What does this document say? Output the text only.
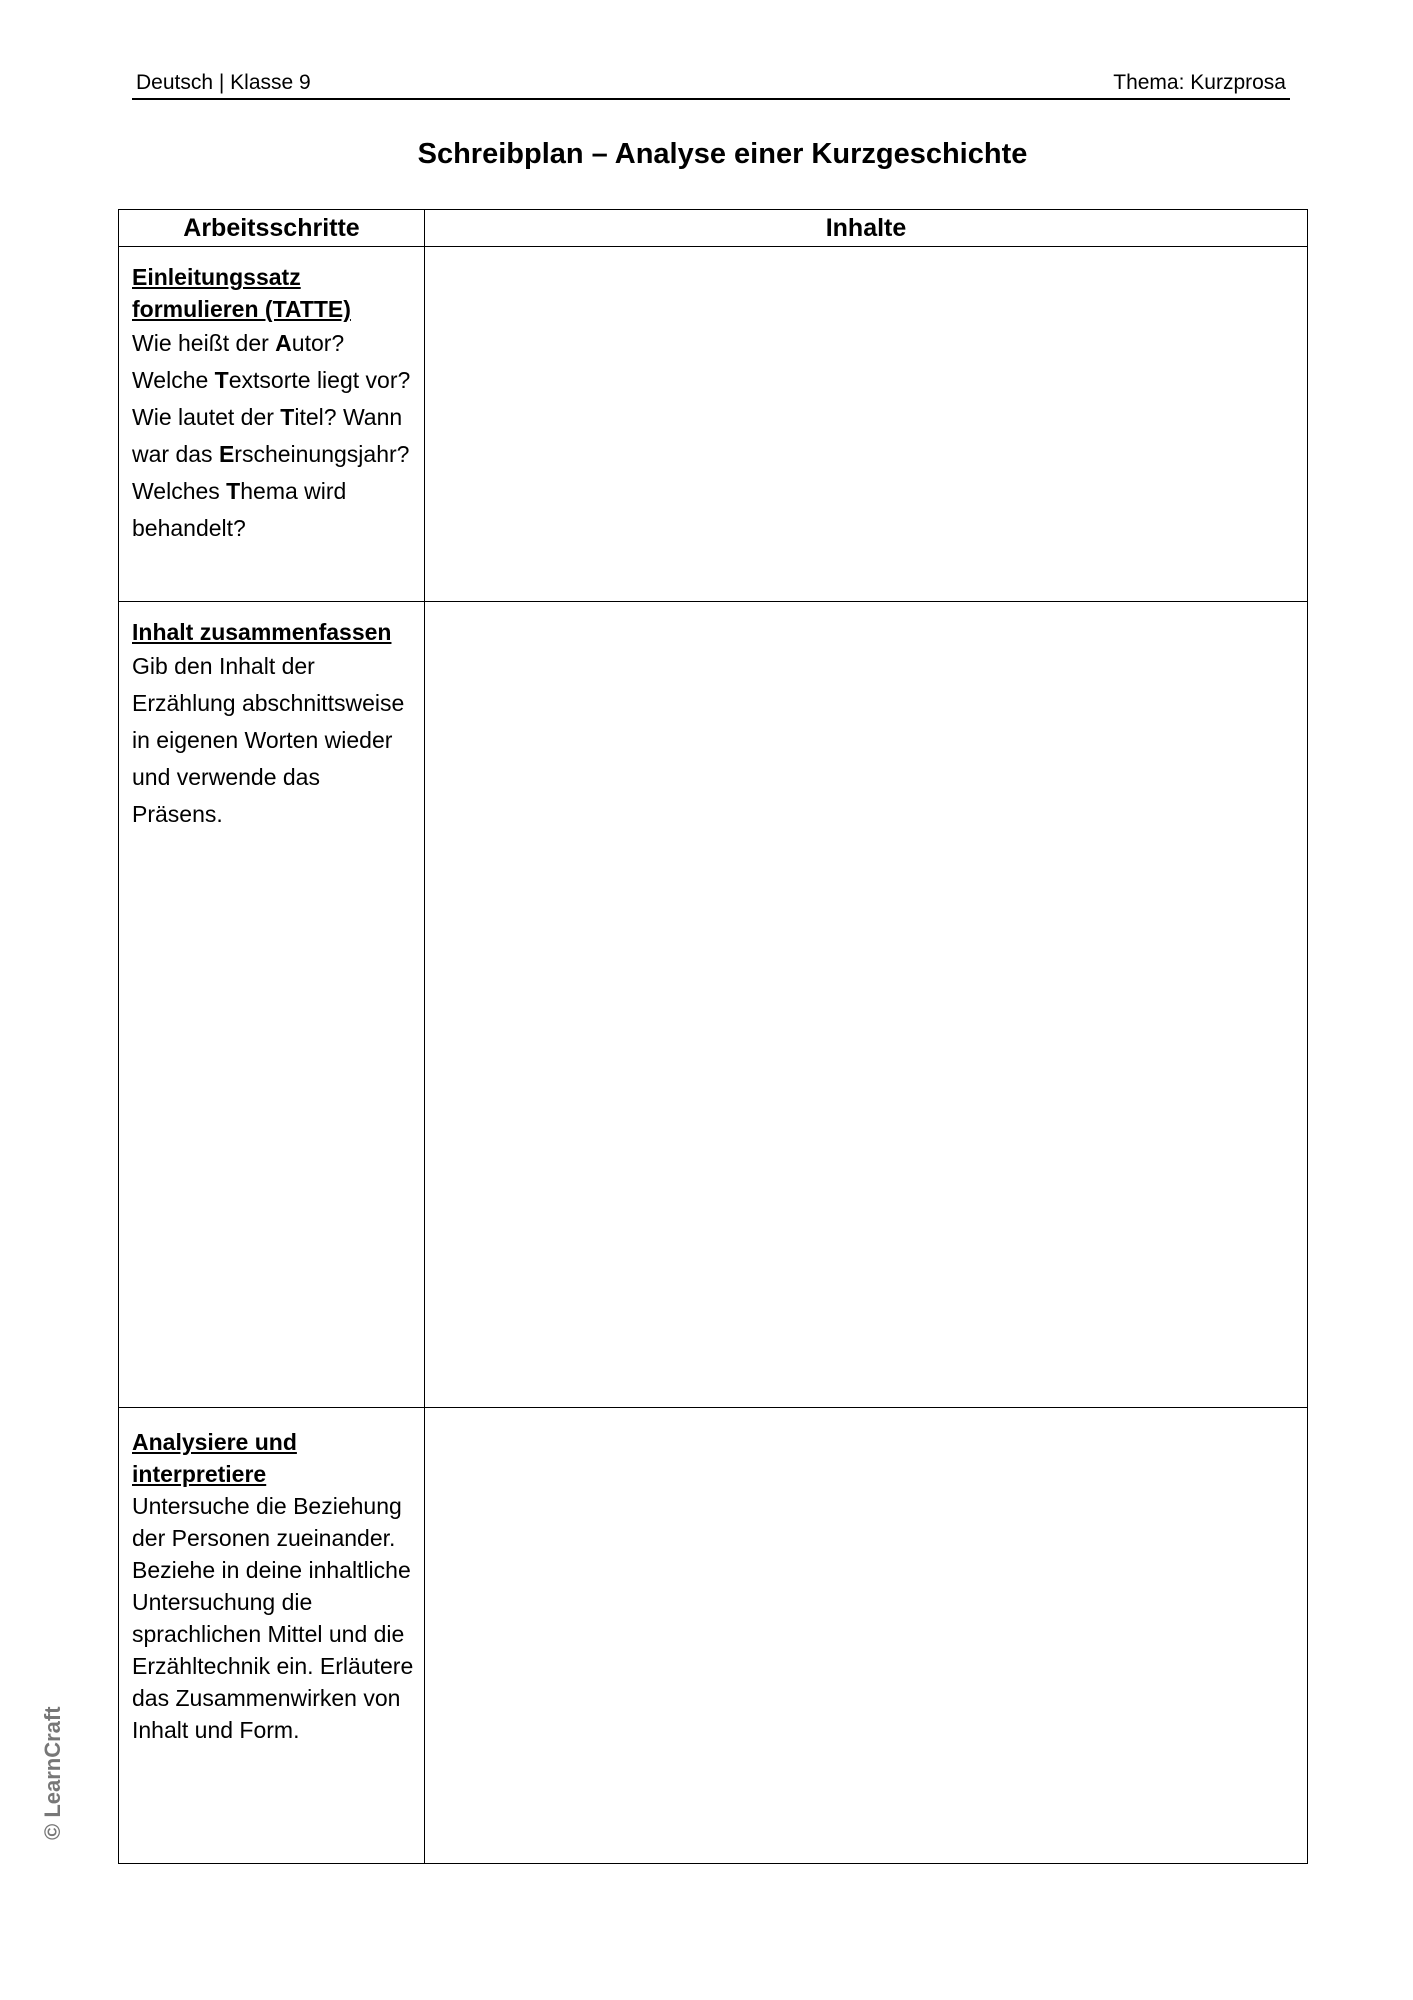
Deutsch | Klasse 9	Thema: Kurzprosa
Schreibplan – Analyse einer Kurzgeschichte
Arbeitsschritte	Inhalte

Einleitungssatz formulieren (TATTE)
Wie heißt der Autor? Welche Textsorte liegt vor? Wie lautet der Titel? Wann war das Erscheinungsjahr? Welches Thema wird behandelt?	

Inhalt zusammenfassen
Gib den Inhalt der Erzählung abschnittsweise in eigenen Worten wieder und verwende das Präsens.	

Analysiere und interpretiere
Untersuche die Beziehung der Personen zueinander. Beziehe in deine inhaltliche Untersuchung die sprachlichen Mittel und die Erzähltechnik ein. Erläutere das Zusammenwirken von Inhalt und Form.	

© LearnCraft
